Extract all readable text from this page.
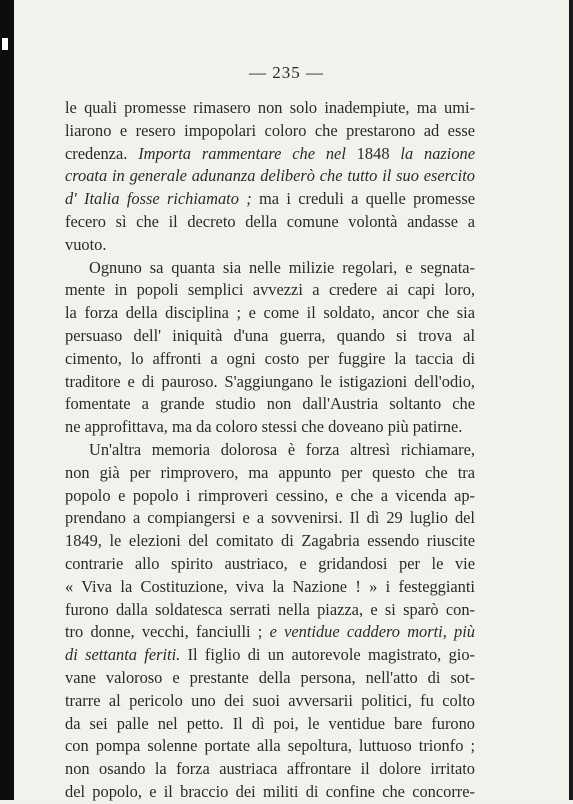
— 235 —
le quali promesse rimasero non solo inadempiute, ma umi-
liarono e resero impopolari coloro che prestarono ad esse
credenza. Importa rammentare che nel 1848 la nazione
croata in generale adunanza deliberò che tutto il suo esercito
d' Italia fosse richiamato ; ma i creduli a quelle promesse
fecero sì che il decreto della comune volontà andasse a
vuoto.
Ognuno sa quanta sia nelle milizie regolari, e segnata-
mente in popoli semplici avvezzi a credere ai capi loro,
la forza della disciplina ; e come il soldato, ancor che sia
persuaso dell' iniquità d'una guerra, quando si trova al
cimento, lo affronti a ogni costo per fuggire la taccia di
traditore e di pauroso. S'aggiungano le istigazioni dell'odio,
fomentate a grande studio non dall'Austria soltanto che
ne approfittava, ma da coloro stessi che doveano più patirne.
Un'altra memoria dolorosa è forza altresì richiamare,
non già per rimprovero, ma appunto per questo che tra
popolo e popolo i rimproveri cessino, e che a vicenda ap-
prendano a compiangersi e a sovvenirsi. Il dì 29 luglio del
1849, le elezioni del comitato di Zagabria essendo riuscite
contrarie allo spirito austriaco, e gridandosi per le vie
« Viva la Costituzione, viva la Nazione ! » i festeggianti
furono dalla soldatesca serrati nella piazza, e si sparò con-
tro donne, vecchi, fanciulli ; e ventidue caddero morti, più
di settanta feriti. Il figlio di un autorevole magistrato, gio-
vane valoroso e prestante della persona, nell'atto di sot-
trarre al pericolo uno dei suoi avversarii politici, fu colto
da sei palle nel petto. Il dì poi, le ventidue bare furono
con pompa solenne portate alla sepoltura, luttuoso trionfo ;
non osando la forza austriaca affrontare il dolore irritato
del popolo, e il braccio dei militi di confine che concorre-
